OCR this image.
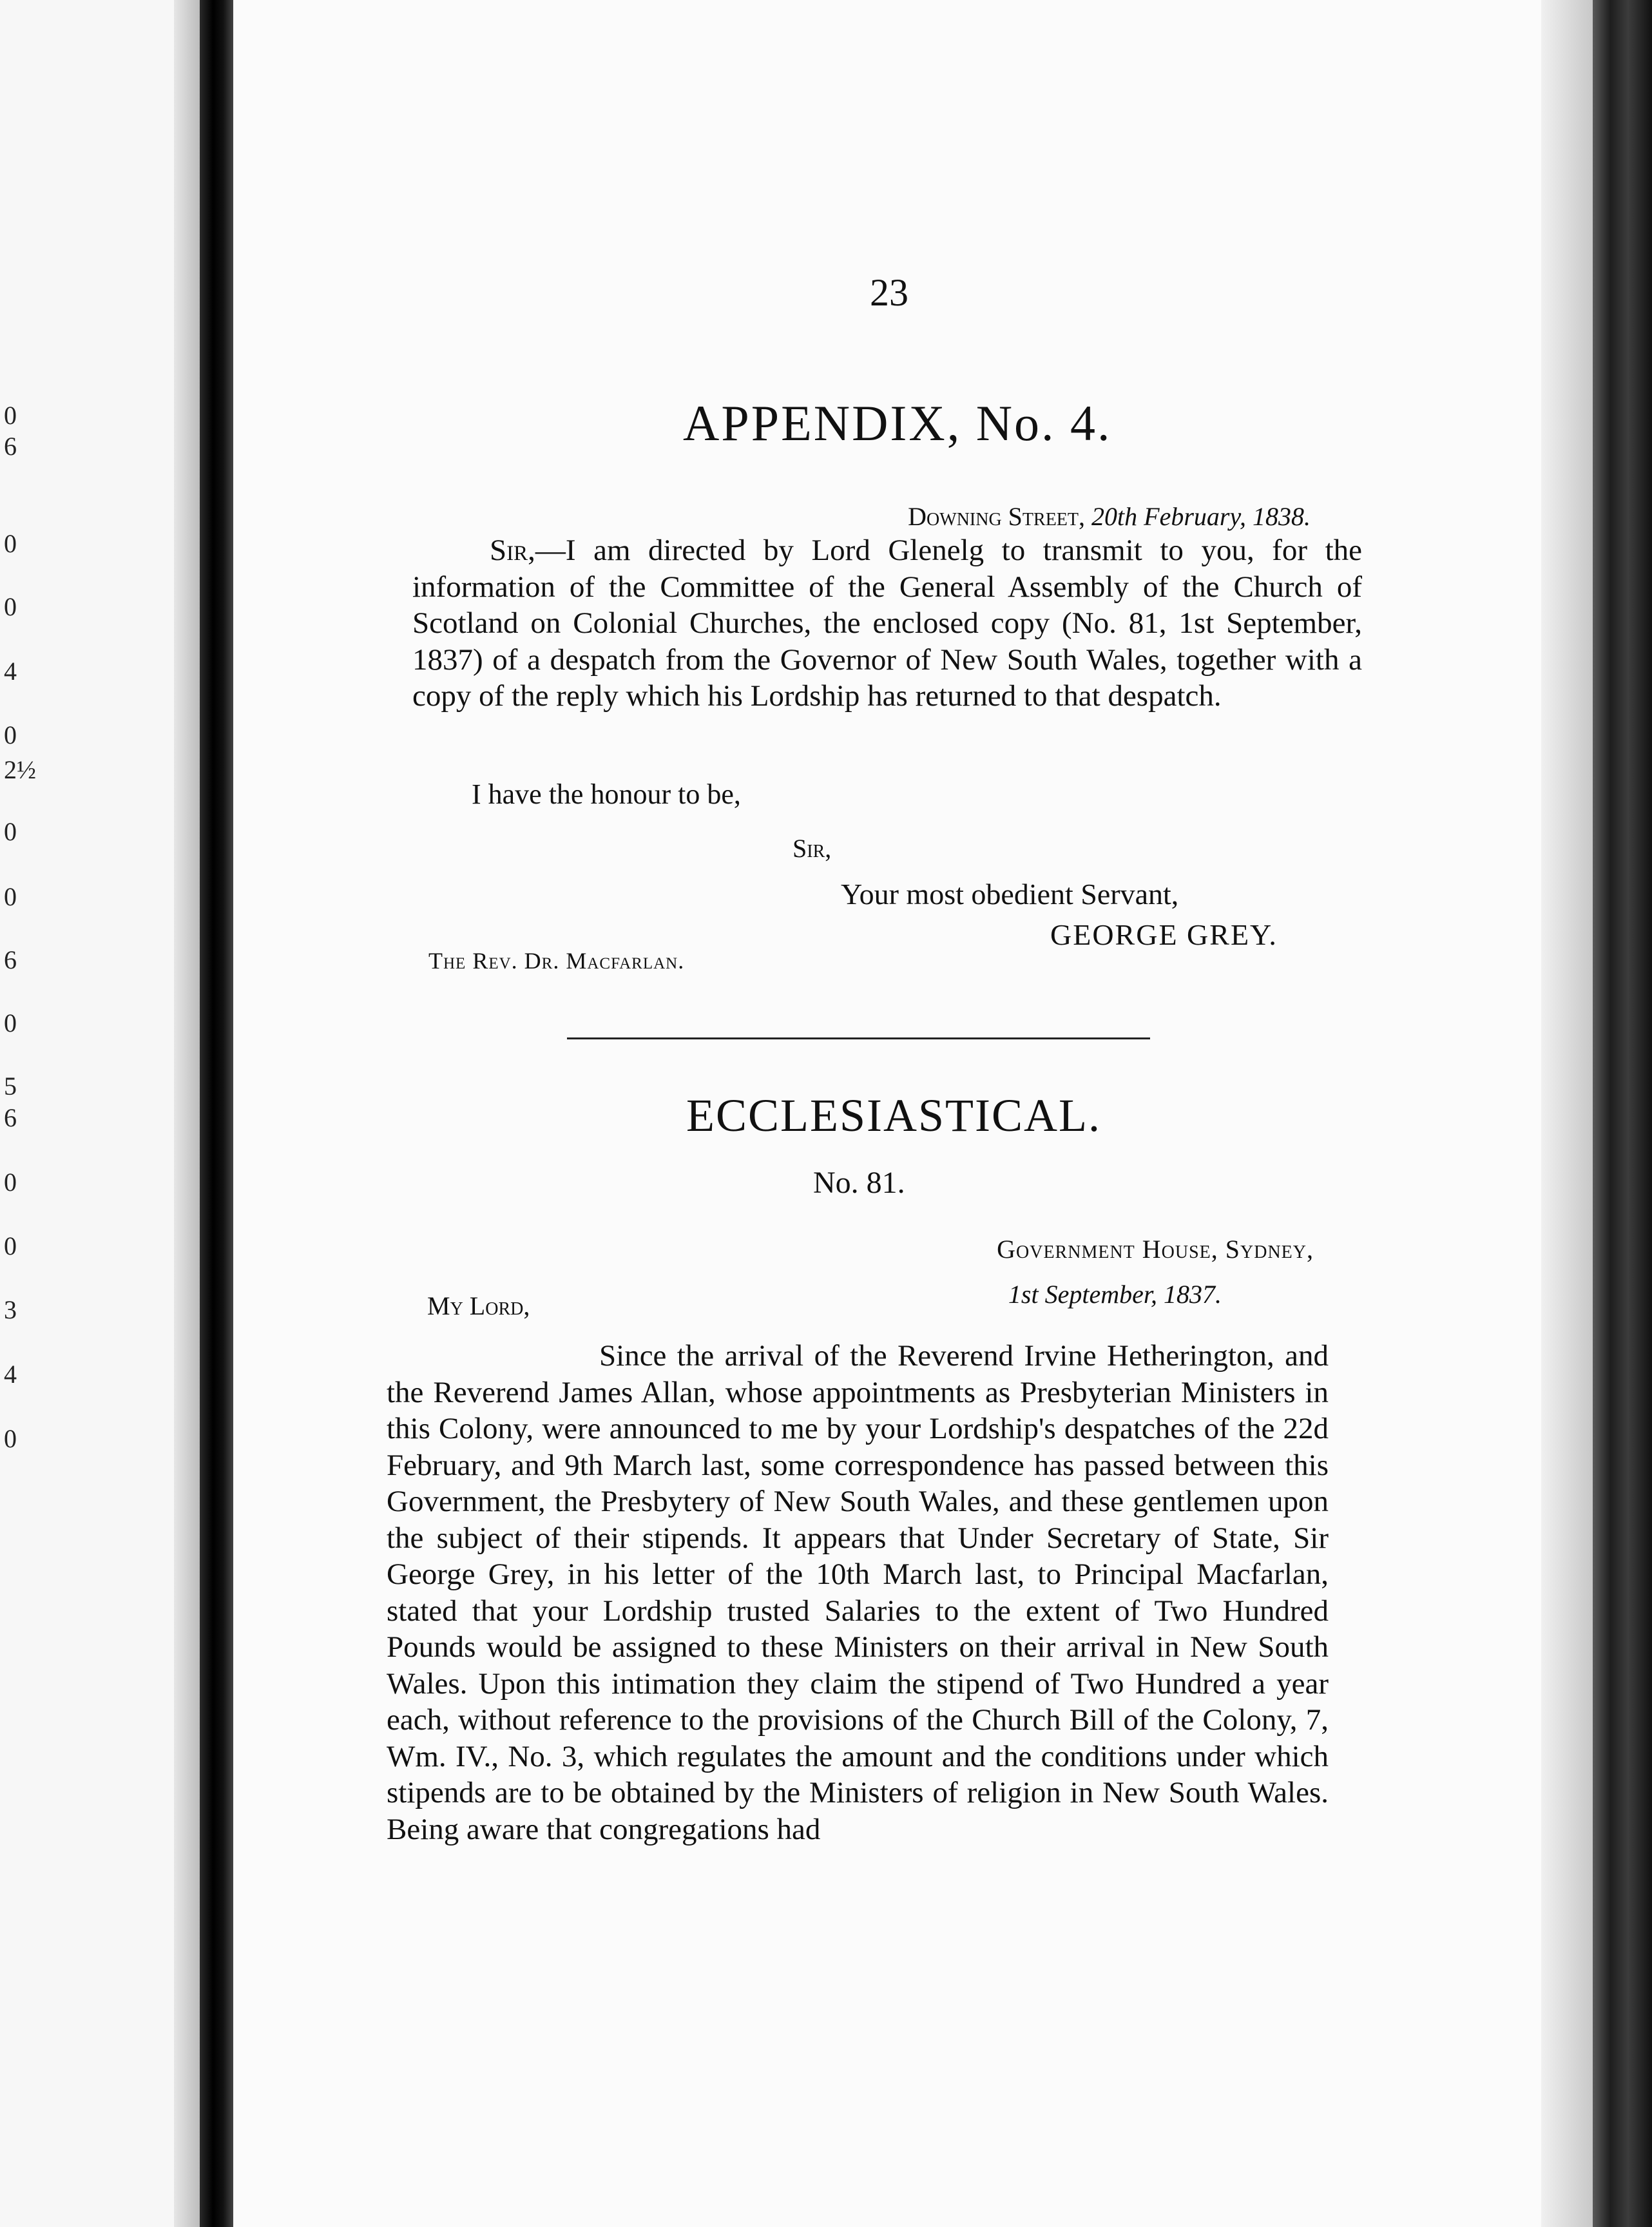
0
6
0
0
4
0
2½
0
0
6
0
5
6
0
0
3
4
0
23
APPENDIX, No. 4.
Downing Street, 20th February, 1838.
Sir,—I am directed by Lord Glenelg to transmit to you, for the information of the Committee of the General Assembly of the Church of Scotland on Colonial Churches, the enclosed copy (No. 81, 1st September, 1837) of a despatch from the Governor of New South Wales, together with a copy of the reply which his Lordship has returned to that despatch.
I have the honour to be,
Sir,
Your most obedient Servant,
GEORGE GREY.
The Rev. Dr. Macfarlan.
ECCLESIASTICAL.
No. 81.
Government House, Sydney,
My Lord,	1st September, 1837.
Since the arrival of the Reverend Irvine Hetherington, and the Reverend James Allan, whose appointments as Presbyterian Ministers in this Colony, were announced to me by your Lordship's despatches of the 22d February, and 9th March last, some correspondence has passed between this Government, the Presbytery of New South Wales, and these gentlemen upon the subject of their stipends. It appears that Under Secretary of State, Sir George Grey, in his letter of the 10th March last, to Principal Macfarlan, stated that your Lordship trusted Salaries to the extent of Two Hundred Pounds would be assigned to these Ministers on their arrival in New South Wales. Upon this intimation they claim the stipend of Two Hundred a year each, without reference to the provisions of the Church Bill of the Colony, 7, Wm. IV., No. 3, which regulates the amount and the conditions under which stipends are to be obtained by the Ministers of religion in New South Wales. Being aware that congregations had
